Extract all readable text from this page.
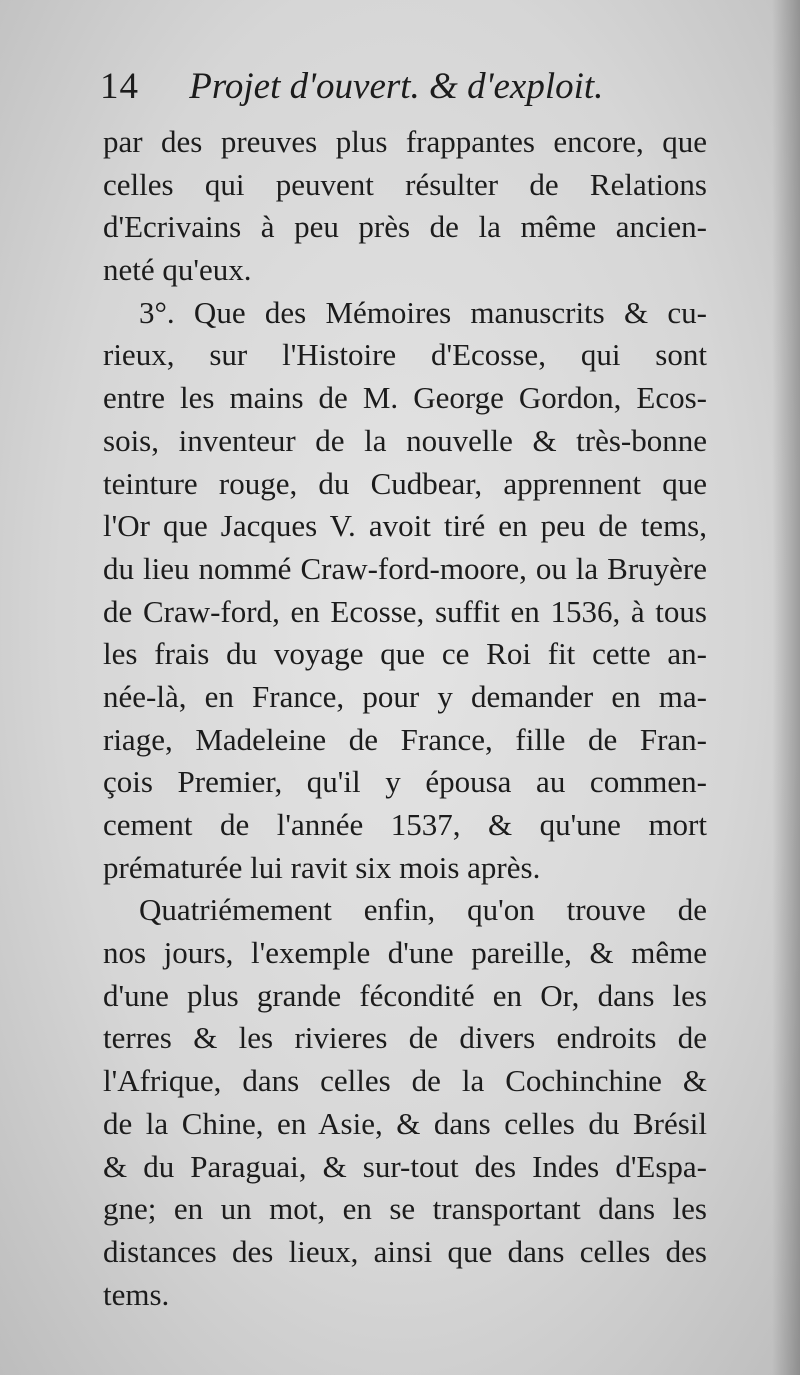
14 Projet d'ouvert. & d'exploit.
par des preuves plus frappantes encore, que
celles qui peuvent résulter de Relations
d'Ecrivains à peu près de la même ancien-
neté qu'eux.
3°. Que des Mémoires manuscrits & cu-
rieux, sur l'Histoire d'Ecosse, qui sont
entre les mains de M. George Gordon, Ecos-
sois, inventeur de la nouvelle & très-bonne
teinture rouge, du Cudbear, apprennent que
l'Or que Jacques V. avoit tiré en peu de tems,
du lieu nommé Craw-ford-moore, ou la Bruyère
de Craw-ford, en Ecosse, suffit en 1536, à tous
les frais du voyage que ce Roi fit cette an-
née-là, en France, pour y demander en ma-
riage, Madeleine de France, fille de Fran-
çois Premier, qu'il y épousa au commen-
cement de l'année 1537, & qu'une mort
prématurée lui ravit six mois après.
Quatriémement enfin, qu'on trouve de
nos jours, l'exemple d'une pareille, & même
d'une plus grande fécondité en Or, dans les
terres & les rivieres de divers endroits de
l'Afrique, dans celles de la Cochinchine &
de la Chine, en Asie, & dans celles du Brésil
& du Paraguai, & sur-tout des Indes d'Espa-
gne; en un mot, en se transportant dans les
distances des lieux, ainsi que dans celles des
tems.
